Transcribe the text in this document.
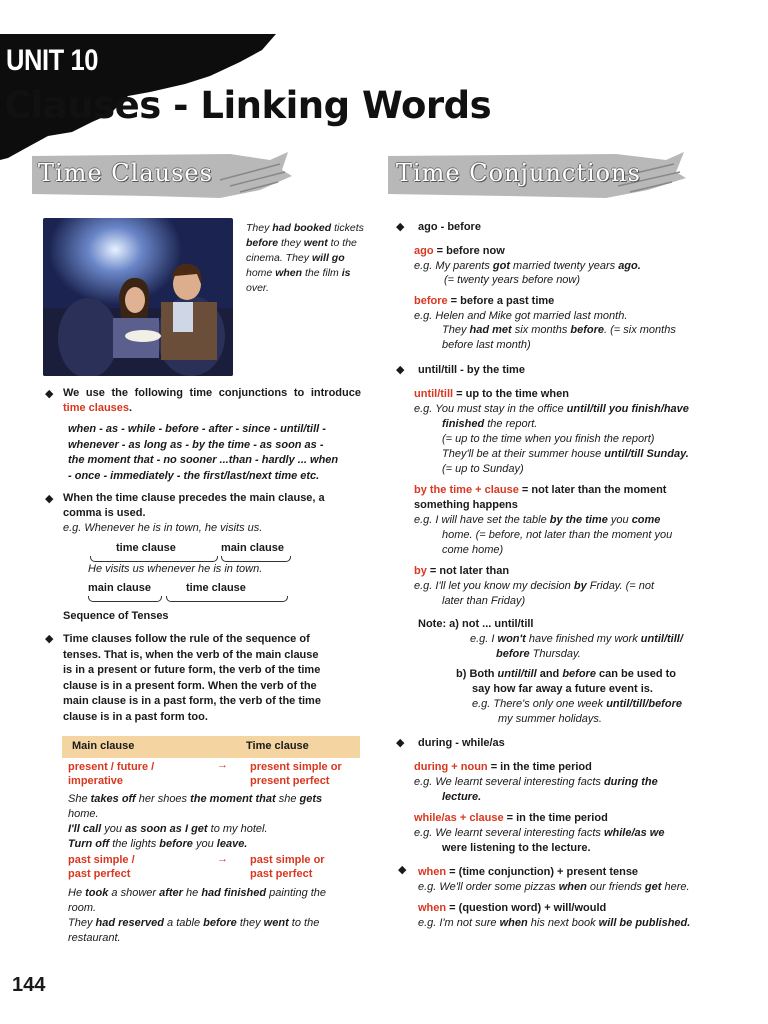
UNIT 10
Clauses - Linking Words
Time Clauses	Time Conjunctions
They had booked tickets before they went to the cinema. They will go home when the film is over.
◆ We use the following time conjunctions to introduce time clauses.
when - as - while - before - after - since - until/till -
whenever - as long as - by the time - as soon as -
the moment that - no sooner ...than - hardly ... when
- once - immediately - the first/last/next time etc.
◆ When the time clause precedes the main clause, a comma is used.
e.g. Whenever he is in town, he visits us.
time clause	main clause
He visits us whenever he is in town.
main clause	time clause
Sequence of Tenses
◆ Time clauses follow the rule of the sequence of
tenses. That is, when the verb of the main clause
is in a present or future form, the verb of the time
clause is in a present form. When the verb of the
main clause is in a past form, the verb of the time
clause is in a past form too.
Main clause	Time clause
present / future /
imperative
→ present simple or
present perfect
She takes off her shoes the moment that she gets
home.
I'll call you as soon as I get to my hotel.
Turn off the lights before you leave.
past simple /
past perfect
→ past simple or
past perfect
He took a shower after he had finished painting the
room.
They had reserved a table before they went to the
restaurant.
◆ ago - before
ago = before now
e.g. My parents got married twenty years ago.
(= twenty years before now)
before = before a past time
e.g. Helen and Mike got married last month.
They had met six months before. (= six months
before last month)
◆ until/till - by the time
until/till = up to the time when
e.g. You must stay in the office until/till you finish/have
finished the report.
(= up to the time when you finish the report)
They'll be at their summer house until/till Sunday.
(= up to Sunday)
by the time + clause = not later than the moment
something happens
e.g. I will have set the table by the time you come
home. (= before, not later than the moment you
come home)
by = not later than
e.g. I'll let you know my decision by Friday. (= not
later than Friday)
Note: a) not ... until/till
e.g. I won't have finished my work until/till/
before Thursday.
b) Both until/till and before can be used to
say how far away a future event is.
e.g. There's only one week until/till/before
my summer holidays.
◆ during - while/as
during + noun = in the time period
e.g. We learnt several interesting facts during the
lecture.
while/as + clause = in the time period
e.g. We learnt several interesting facts while/as we
were listening to the lecture.
◆ when = (time conjunction) + present tense
e.g. We'll order some pizzas when our friends get here.
when = (question word) + will/would
e.g. I'm not sure when his next book will be published.
144
